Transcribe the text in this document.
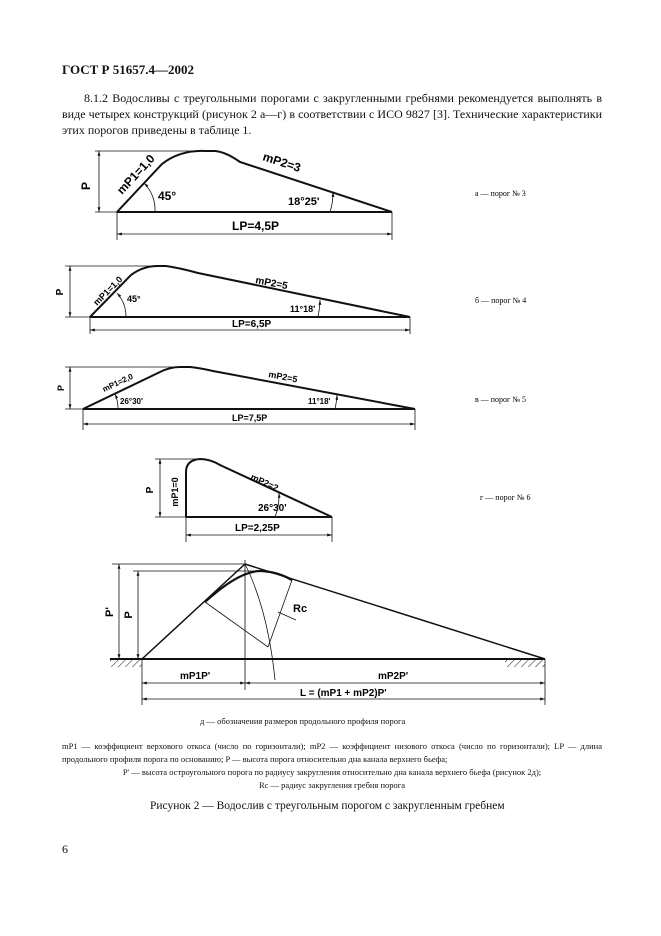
ГОСТ Р 51657.4—2002

8.1.2 Водосливы с треугольными порогами с закругленными гребнями рекомендуется выполнять в виде четырех конструкций (рисунок 2 а—г) в соответствии с ИСО 9827 [3]. Технические характеристики этих порогов приведены в таблице 1.

P mP1=1,0	mP2=3
45°	18°25'
LP=4,5P
а — порог № 3
P	mP1=1,0	mP2=5
45°
11°18'
LP=6,5P
б — порог № 4
P	mP1=2,0	mP2=5
26°30'	11°18'
LP=7,5P
в — порог № 5
P mP1=0	mP2=2
26°30'
LP=2,25P
г — порог № 6
P' P	Rc
mP1P'	mP2P'
L = (mP1 + mP2)P'
д — обозначения размеров продольного профиля порога

mP1 — коэффициент верхового откоса (число по горизонтали); mP2 — коэффициент низового откоса (число по горизонтали); LP — длина продольного профиля порога по основанию; P — высота порога относительно дна канала верхнего бьефа;

P' — высота остроугольного порога по радиусу закругления относительно дна канала верхнего бьефа (рисунок 2д);

Rc — радиус закругления гребня порога

Рисунок 2 — Водослив с треугольным порогом с закругленным гребнем
6
